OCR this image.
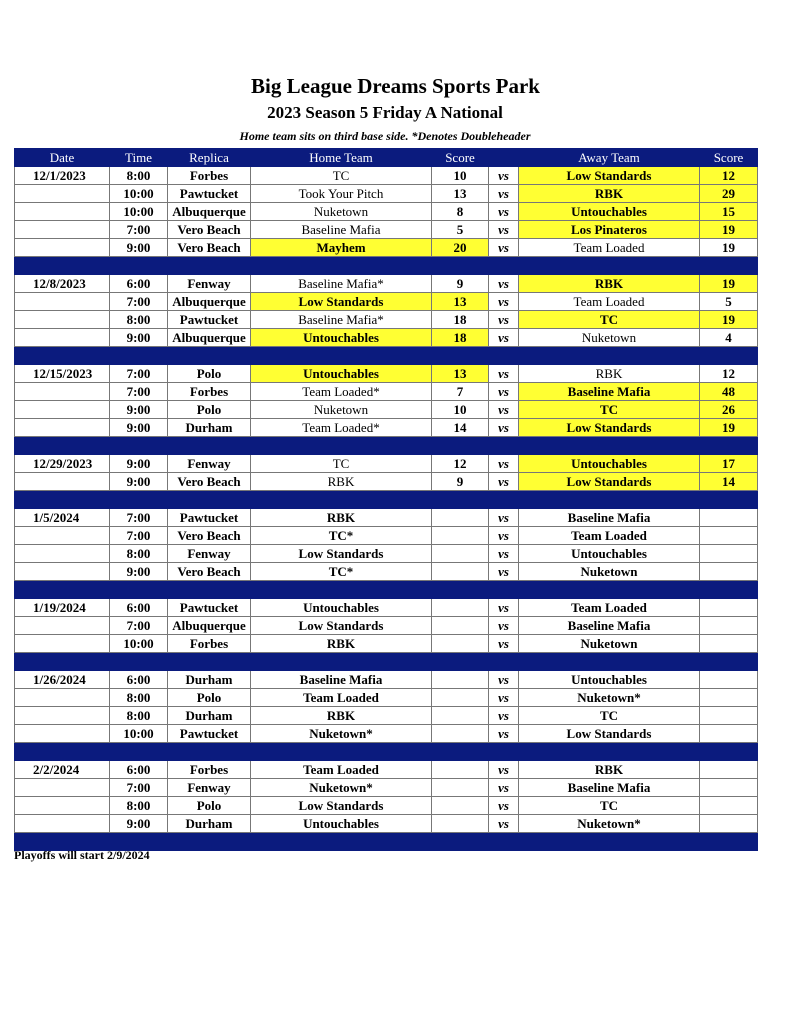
Big League Dreams Sports Park
2023 Season 5 Friday A National
Home team sits on third base side. *Denotes Doubleheader
Date	Time	Replica	Home Team	Score		Away Team	Score
12/1/2023	8:00	Forbes	TC	10	vs	Low Standards	12
	10:00	Pawtucket	Took Your Pitch	13	vs	RBK	29
	10:00	Albuquerque	Nuketown	8	vs	Untouchables	15
	7:00	Vero Beach	Baseline Mafia	5	vs	Los Pinateros	19
	9:00	Vero Beach	Mayhem	20	vs	Team Loaded	19

12/8/2023	6:00	Fenway	Baseline Mafia*	9	vs	RBK	19
	7:00	Albuquerque	Low Standards	13	vs	Team Loaded	5
	8:00	Pawtucket	Baseline Mafia*	18	vs	TC	19
	9:00	Albuquerque	Untouchables	18	vs	Nuketown	4

12/15/2023	7:00	Polo	Untouchables	13	vs	RBK	12
	7:00	Forbes	Team Loaded*	7	vs	Baseline Mafia	48
	9:00	Polo	Nuketown	10	vs	TC	26
	9:00	Durham	Team Loaded*	14	vs	Low Standards	19

12/29/2023	9:00	Fenway	TC	12	vs	Untouchables	17
	9:00	Vero Beach	RBK	9	vs	Low Standards	14

1/5/2024	7:00	Pawtucket	RBK		vs	Baseline Mafia	
	7:00	Vero Beach	TC*		vs	Team Loaded	
	8:00	Fenway	Low Standards		vs	Untouchables	
	9:00	Vero Beach	TC*		vs	Nuketown	

1/19/2024	6:00	Pawtucket	Untouchables		vs	Team Loaded	
	7:00	Albuquerque	Low Standards		vs	Baseline Mafia	
	10:00	Forbes	RBK		vs	Nuketown	

1/26/2024	6:00	Durham	Baseline Mafia		vs	Untouchables	
	8:00	Polo	Team Loaded		vs	Nuketown*	
	8:00	Durham	RBK		vs	TC	
	10:00	Pawtucket	Nuketown*		vs	Low Standards	

2/2/2024	6:00	Forbes	Team Loaded		vs	RBK	
	7:00	Fenway	Nuketown*		vs	Baseline Mafia	
	8:00	Polo	Low Standards		vs	TC	
	9:00	Durham	Untouchables		vs	Nuketown*	

Playoffs will start 2/9/2024
